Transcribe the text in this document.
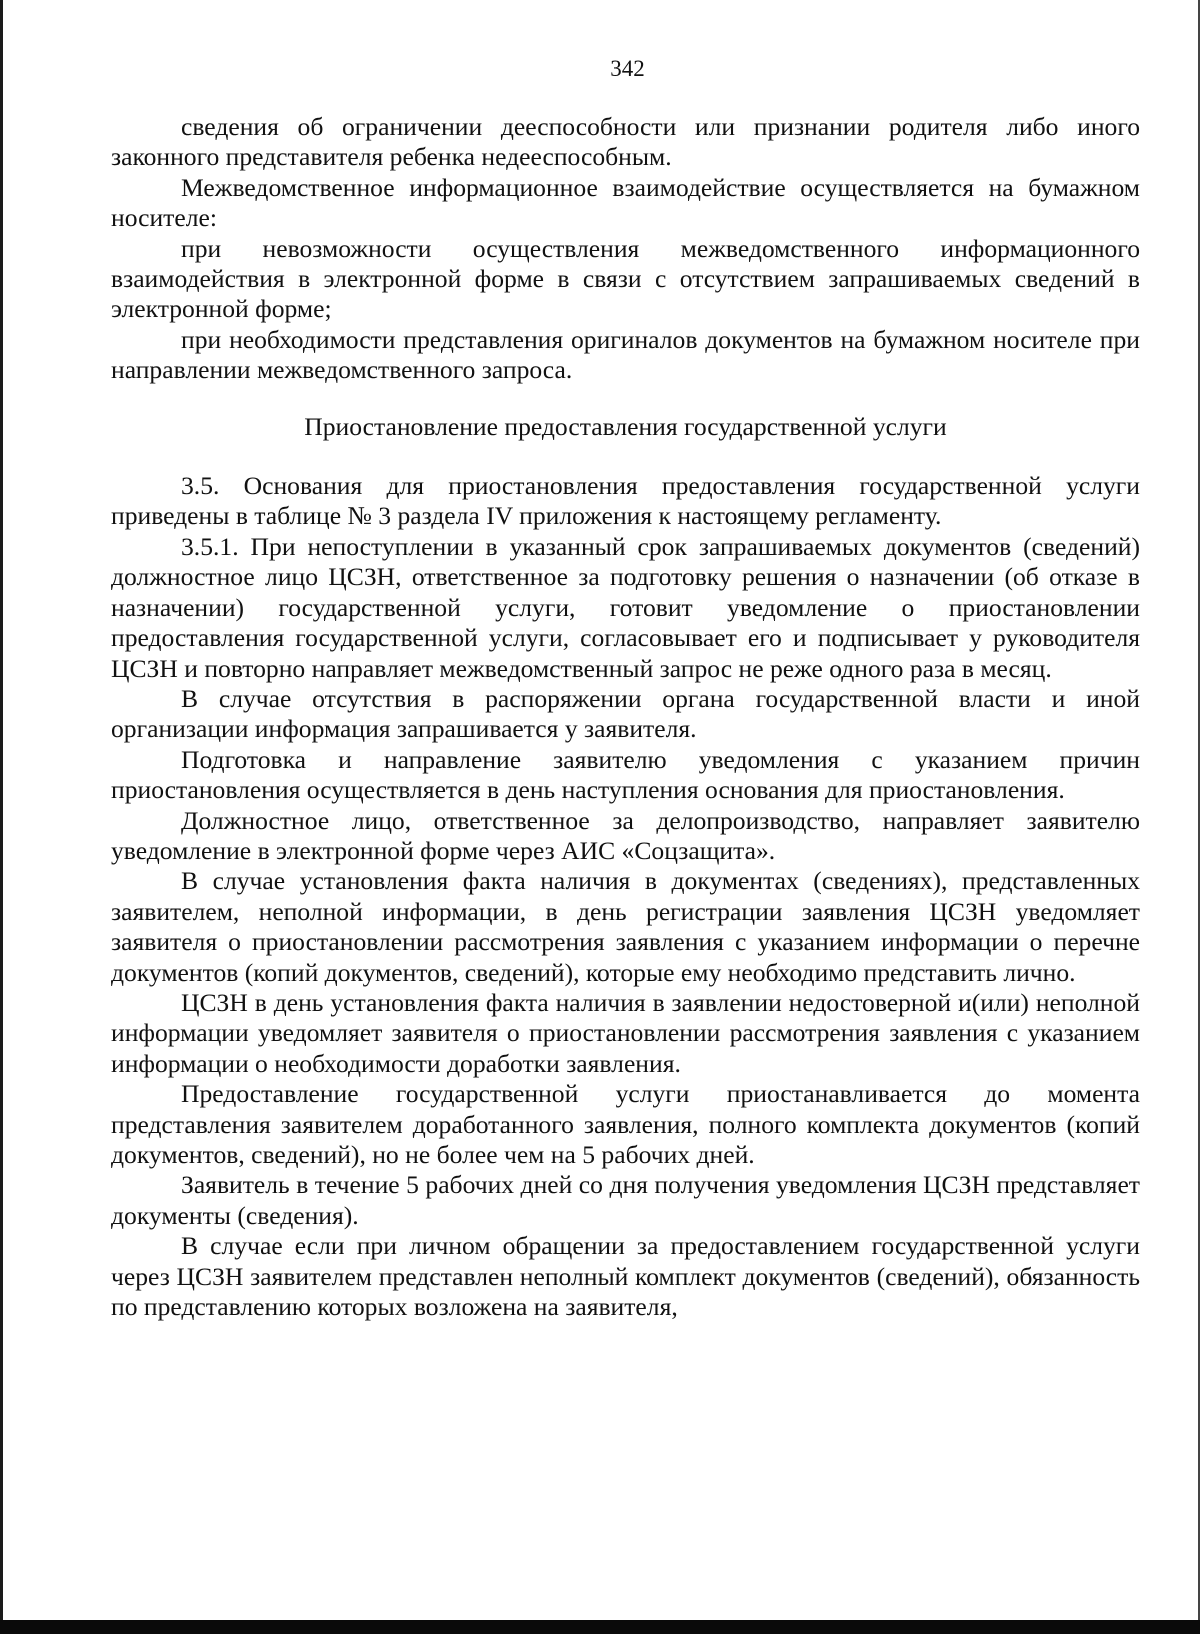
342

сведения об ограничении дееспособности или признании родителя либо иного законного представителя ребенка недееспособным.

Межведомственное информационное взаимодействие осуществляется на бумажном носителе:

при невозможности осуществления межведомственного информационного взаимодействия в электронной форме в связи с отсутствием запрашиваемых сведений в электронной форме;

при необходимости представления оригиналов документов на бумажном носителе при направлении межведомственного запроса.

Приостановление предоставления государственной услуги

3.5. Основания для приостановления предоставления государственной услуги приведены в таблице № 3 раздела IV приложения к настоящему регламенту.

3.5.1. При непоступлении в указанный срок запрашиваемых документов (сведений) должностное лицо ЦСЗН, ответственное за подготовку решения о назначении (об отказе в назначении) государственной услуги, готовит уведомление о приостановлении предоставления государственной услуги, согласовывает его и подписывает у руководителя ЦСЗН и повторно направляет межведомственный запрос не реже одного раза в месяц.

В случае отсутствия в распоряжении органа государственной власти и иной организации информация запрашивается у заявителя.

Подготовка и направление заявителю уведомления с указанием причин приостановления осуществляется в день наступления основания для приостановления.

Должностное лицо, ответственное за делопроизводство, направляет заявителю уведомление в электронной форме через АИС «Соцзащита».

В случае установления факта наличия в документах (сведениях), представленных заявителем, неполной информации, в день регистрации заявления ЦСЗН уведомляет заявителя о приостановлении рассмотрения заявления с указанием информации о перечне документов (копий документов, сведений), которые ему необходимо представить лично.

ЦСЗН в день установления факта наличия в заявлении недостоверной и(или) неполной информации уведомляет заявителя о приостановлении рассмотрения заявления с указанием информации о необходимости доработки заявления.

Предоставление государственной услуги приостанавливается до момента представления заявителем доработанного заявления, полного комплекта документов (копий документов, сведений), но не более чем на 5 рабочих дней.

Заявитель в течение 5 рабочих дней со дня получения уведомления ЦСЗН представляет документы (сведения).

В случае если при личном обращении за предоставлением государственной услуги через ЦСЗН заявителем представлен неполный комплект документов (сведений), обязанность по представлению которых возложена на заявителя,
